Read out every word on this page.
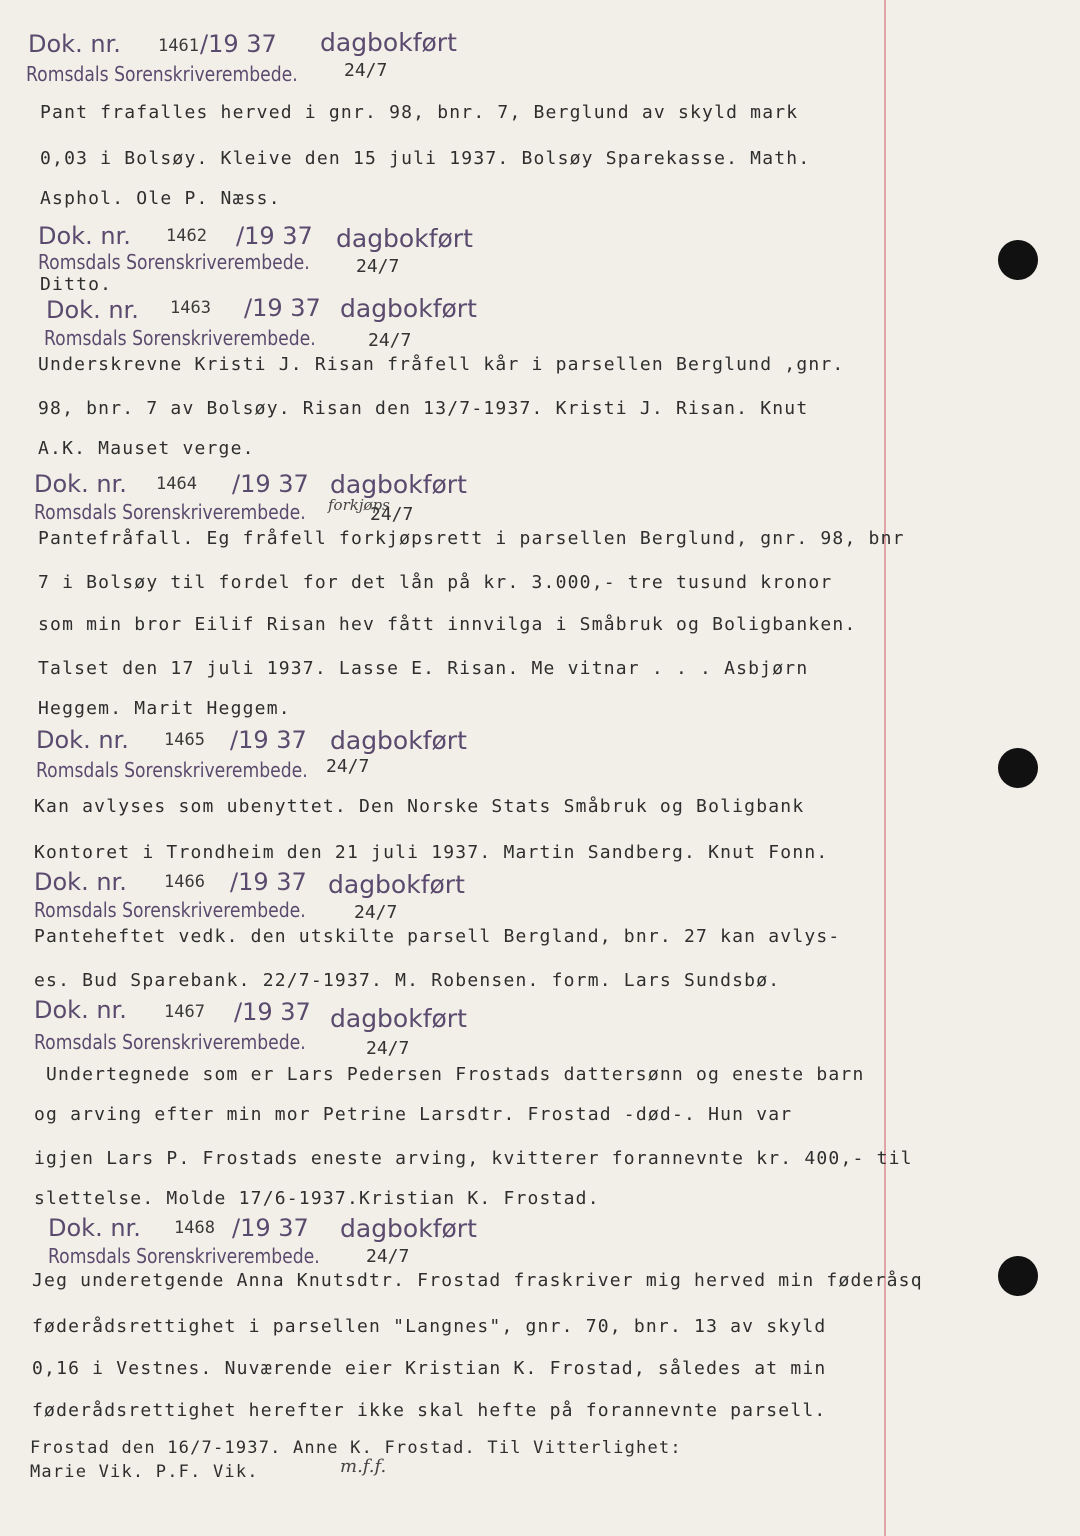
Dok. nr. 1461 /19 37 dagbokført
Romsdals Sorenskriverembede.	24/7
Pant frafalles herved i gnr. 98, bnr. 7, Berglund av skyld mark
0,03 i Bolsøy. Kleive den 15 juli 1937. Bolsøy Sparekasse. Math.
Asphol. Ole P. Næss.
Dok. nr. 1462 /19 37 dagbokført
Romsdals Sorenskriverembede.	24/7
Ditto.
Dok. nr. 1463 /19 37 dagbokført
Romsdals Sorenskriverembede.	24/7
Underskrevne Kristi J. Risan fråfell kår i parsellen Berglund ,gnr.
98, bnr. 7 av Bolsøy. Risan den 13/7-1937. Kristi J. Risan. Knut
A.K. Mauset verge.
Dok. nr. 1464 /19 37 dagbokført
Romsdals Sorenskriverembede. forkjøps
24/7
Pantefråfall. Eg fråfell forkjøpsrett i parsellen Berglund, gnr. 98, bnr
7 i Bolsøy til fordel for det lån på kr. 3.000,- tre tusund kronor
som min bror Eilif Risan hev fått innvilga i Småbruk og Boligbanken.
Talset den 17 juli 1937. Lasse E. Risan. Me vitnar . . . Asbjørn
Heggem. Marit Heggem.
Dok. nr. 1465 /19 37 dagbokført
Romsdals Sorenskriverembede. 24/7
Kan avlyses som ubenyttet. Den Norske Stats Småbruk og Boligbank
Kontoret i Trondheim den 21 juli 1937. Martin Sandberg. Knut Fonn.
Dok. nr. 1466 /19 37 dagbokført
Romsdals Sorenskriverembede.	24/7
Panteheftet vedk. den utskilte parsell Bergland, bnr. 27 kan avlys-
es. Bud Sparebank. 22/7-1937. M. Robensen. form. Lars Sundsbø.
Dok. nr. 1467 /19 37 dagbokført
Romsdals Sorenskriverembede.	24/7
Undertegnede som er Lars Pedersen Frostads dattersønn og eneste barn
og arving efter min mor Petrine Larsdtr. Frostad -død-. Hun var
igjen Lars P. Frostads eneste arving, kvitterer forannevnte kr. 400,- til
slettelse. Molde 17/6-1937.Kristian K. Frostad.
Dok. nr. 1468 /19 37 dagbokført
Romsdals Sorenskriverembede.	24/7
Jeg underetgende Anna Knutsdtr. Frostad fraskriver mig herved min føderåsq
føderådsrettighet i parsellen "Langnes", gnr. 70, bnr. 13 av skyld
0,16 i Vestnes. Nuværende eier Kristian K. Frostad, således at min
føderådsrettighet herefter ikke skal hefte på forannevnte parsell.
Frostad den 16/7-1937. Anne K. Frostad. Til Vitterlighet:
Marie Vik. P.F. Vik.	m.f.f.
